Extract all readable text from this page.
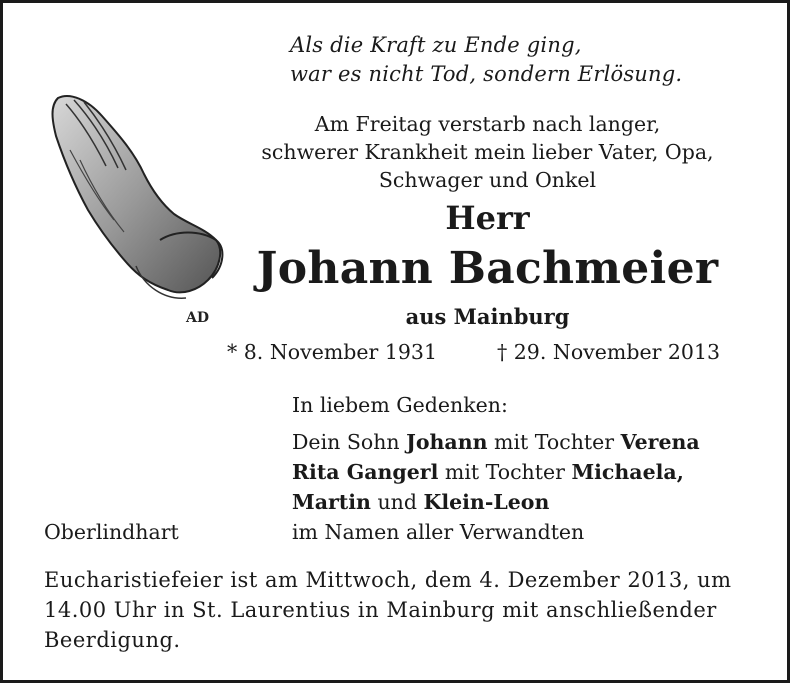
AD
Als die Kraft zu Ende ging,
war es nicht Tod, sondern Erlösung.
Am Freitag verstarb nach langer,
schwerer Krankheit mein lieber Vater, Opa,
Schwager und Onkel
Herr
Johann Bachmeier
aus Mainburg
* 8. November 1931	† 29. November 2013
In liebem Gedenken:
Dein Sohn Johann mit Tochter Verena
Rita Gangerl mit Tochter Michaela,
Martin und Klein-Leon
im Namen aller Verwandten
Oberlindhart
Eucharistiefeier ist am Mittwoch, dem 4. Dezember 2013, um 14.00 Uhr in St. Laurentius in Mainburg mit anschließender Beerdigung.
